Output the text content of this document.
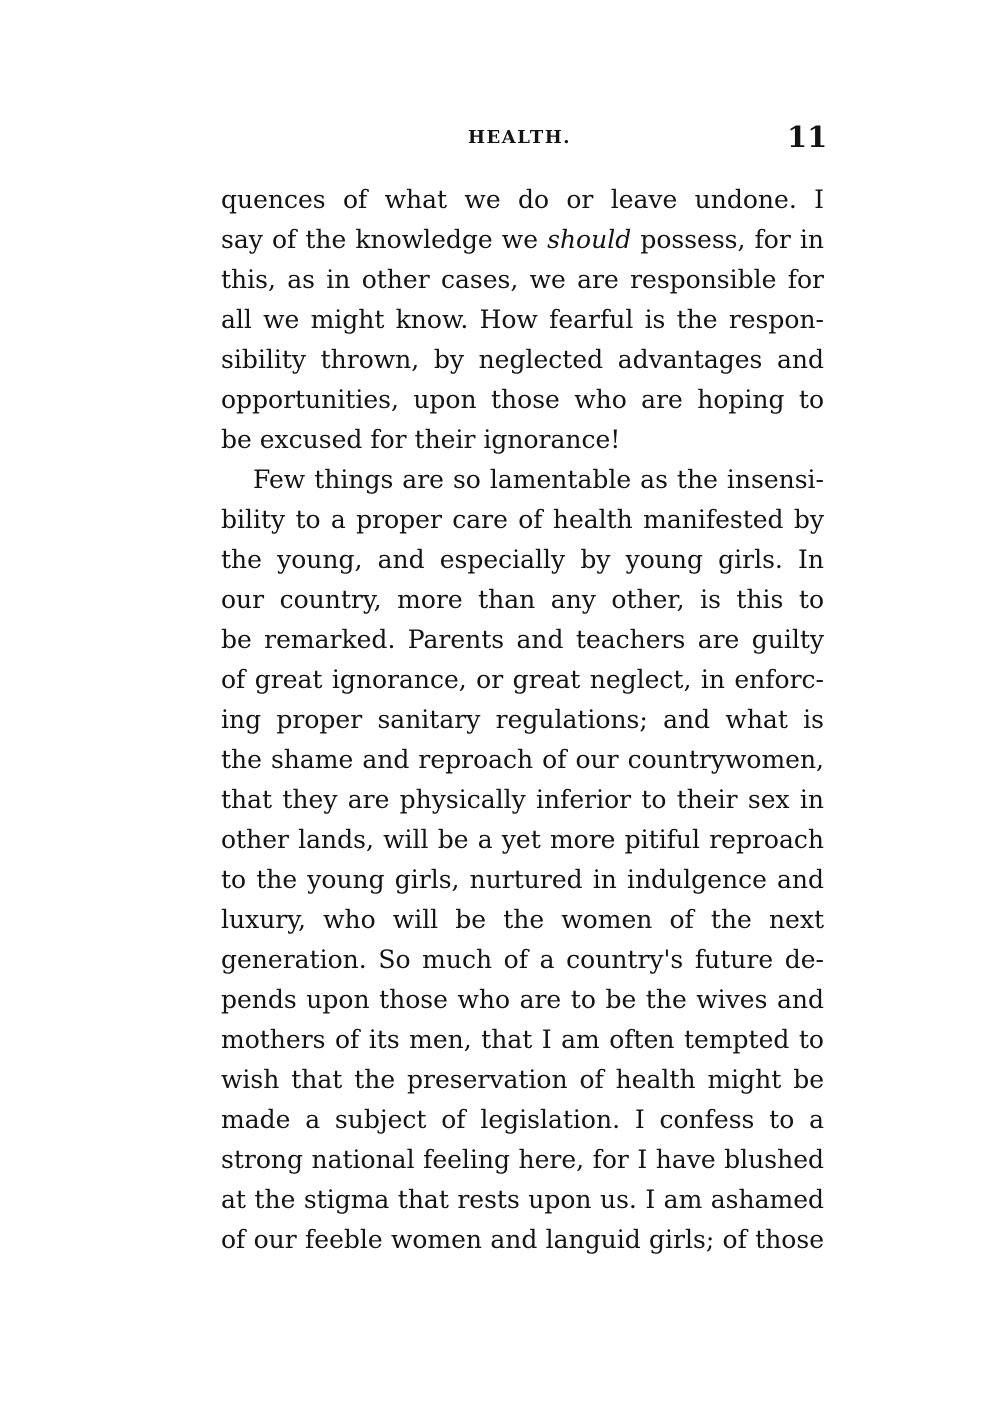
HEALTH.	11
quences of what we do or leave undone. I
say of the knowledge we should possess, for in
this, as in other cases, we are responsible for
all we might know. How fearful is the respon-
sibility thrown, by neglected advantages and
opportunities, upon those who are hoping to
be excused for their ignorance!
Few things are so lamentable as the insensi-
bility to a proper care of health manifested by
the young, and especially by young girls. In
our country, more than any other, is this to
be remarked. Parents and teachers are guilty
of great ignorance, or great neglect, in enforc-
ing proper sanitary regulations; and what is
the shame and reproach of our countrywomen,
that they are physically inferior to their sex in
other lands, will be a yet more pitiful reproach
to the young girls, nurtured in indulgence and
luxury, who will be the women of the next
generation. So much of a country's future de-
pends upon those who are to be the wives and
mothers of its men, that I am often tempted to
wish that the preservation of health might be
made a subject of legislation. I confess to a
strong national feeling here, for I have blushed
at the stigma that rests upon us. I am ashamed
of our feeble women and languid girls; of those
